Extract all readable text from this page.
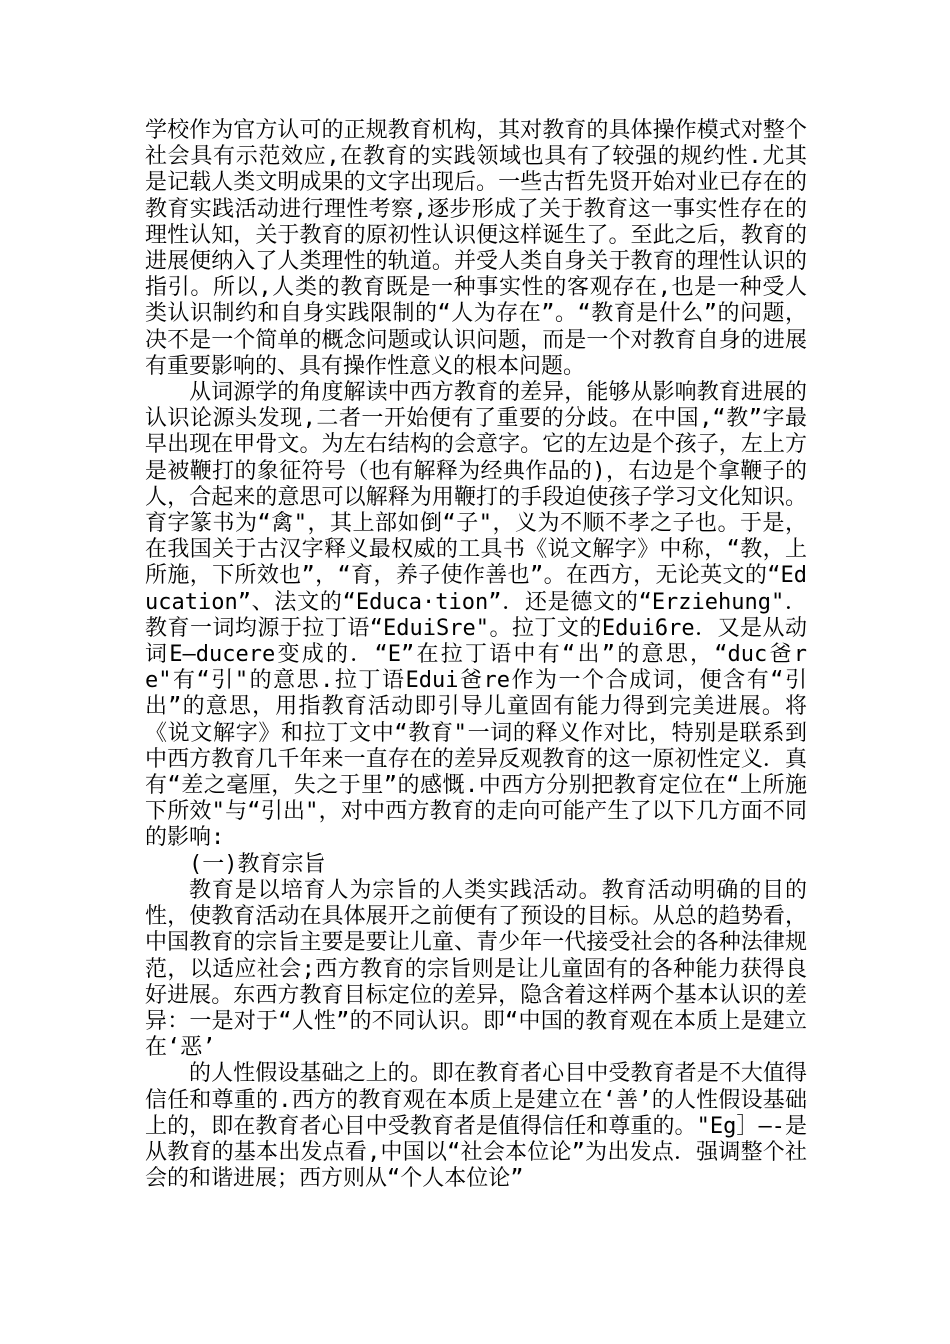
学校作为官方认可的正规教育机构，其对教育的具体操作模式对整个社会具有示范效应,在教育的实践领域也具有了较强的规约性.尤其是记载人类文明成果的文字出现后。一些古哲先贤开始对业已存在的教育实践活动进行理性考察,逐步形成了关于教育这一事实性存在的理性认知，关于教育的原初性认识便这样诞生了。至此之后，教育的进展便纳入了人类理性的轨道。并受人类自身关于教育的理性认识的指引。所以,人类的教育既是一种事实性的客观存在,也是一种受人类认识制约和自身实践限制的“人为存在”。“教育是什么”的问题，决不是一个简单的概念问题或认识问题，而是一个对教育自身的进展有重要影响的、具有操作性意义的根本问题。

从词源学的角度解读中西方教育的差异，能够从影响教育进展的认识论源头发现,二者一开始便有了重要的分歧。在中国,“教”字最早出现在甲骨文。为左右结构的会意字。它的左边是个孩子，左上方是被鞭打的象征符号（也有解释为经典作品的)，右边是个拿鞭子的人，合起来的意思可以解释为用鞭打的手段迫使孩子学习文化知识。育字篆书为“禽"，其上部如倒“子"，义为不顺不孝之子也。于是，在我国关于古汉字释义最权威的工具书《说文解字》中称，“教，上所施，下所效也”，“育，养子使作善也”。在西方，无论英文的“Education”、法文的“Educa·tion”．还是德文的“Erziehung"．教育一词均源于拉丁语“EduiSre"。拉丁文的Edui6re．又是从动词E—ducere变成的．“E”在拉丁语中有“出”的意思，“duc爸re"有“引"的意思.拉丁语Edui爸re作为一个合成词，便含有“引出”的意思，用指教育活动即引导儿童固有能力得到完美进展。将《说文解字》和拉丁文中“教育"一词的释义作对比，特别是联系到中西方教育几千年来一直存在的差异反观教育的这一原初性定义．真有“差之毫厘，失之于里”的感慨.中西方分别把教育定位在“上所施下所效"与“引出"，对中西方教育的走向可能产生了以下几方面不同的影响:

(一)教育宗旨

教育是以培育人为宗旨的人类实践活动。教育活动明确的目的性，使教育活动在具体展开之前便有了预设的目标。从总的趋势看，中国教育的宗旨主要是要让儿童、青少年一代接受社会的各种法律规范，以适应社会;西方教育的宗旨则是让儿童固有的各种能力获得良好进展。东西方教育目标定位的差异，隐含着这样两个基本认识的差异：一是对于“人性”的不同认识。即“中国的教育观在本质上是建立在‘恶’

的人性假设基础之上的。即在教育者心目中受教育者是不大值得信任和尊重的.西方的教育观在本质上是建立在‘善’的人性假设基础上的，即在教育者心目中受教育者是值得信任和尊重的。"Eg］—-是从教育的基本出发点看,中国以“社会本位论”为出发点．强调整个社会的和谐进展；西方则从“个人本位论”
